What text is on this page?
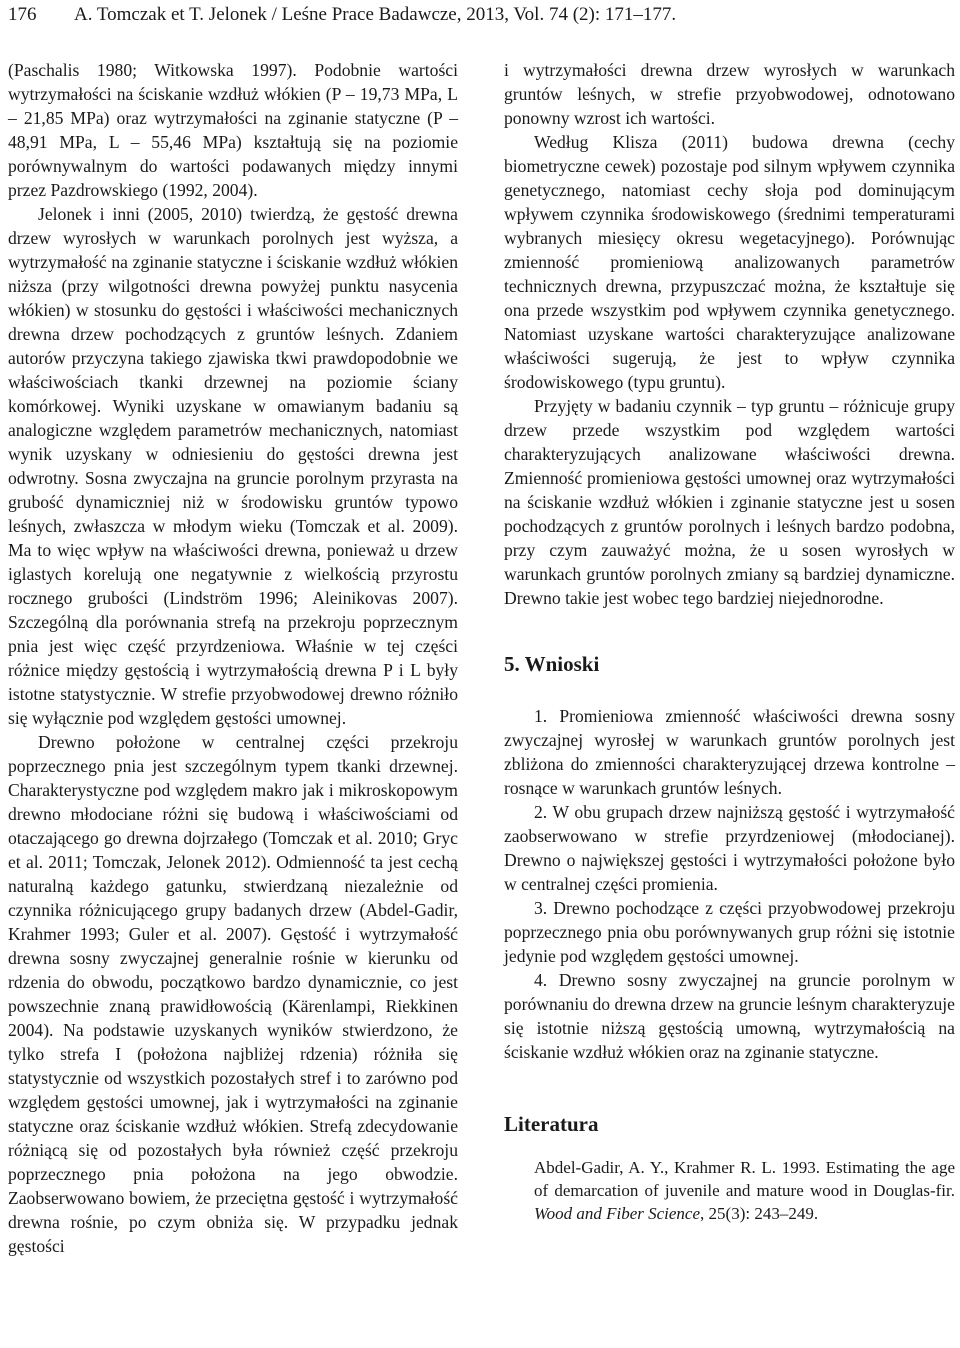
176 A. Tomczak et T. Jelonek / Leśne Prace Badawcze, 2013, Vol. 74 (2): 171–177.

(Paschalis 1980; Witkowska 1997). Podobnie wartości wytrzymałości na ściskanie wzdłuż włókien (P – 19,73 MPa, L – 21,85 MPa) oraz wytrzymałości na zginanie statyczne (P – 48,91 MPa, L – 55,46 MPa) kształtują się na poziomie porównywalnym do wartości podawanych między innymi przez Pazdrowskiego (1992, 2004).

Jelonek i inni (2005, 2010) twierdzą, że gęstość drewna drzew wyrosłych w warunkach porolnych jest wyższa, a wytrzymałość na zginanie statyczne i ściskanie wzdłuż włókien niższa (przy wilgotności drewna powyżej punktu nasycenia włókien) w stosunku do gęstości i właściwości mechanicznych drewna drzew pochodzących z gruntów leśnych. Zdaniem autorów przyczyna takiego zjawiska tkwi prawdopodobnie we właściwościach tkanki drzewnej na poziomie ściany komórkowej. Wyniki uzyskane w omawianym badaniu są analogiczne względem parametrów mechanicznych, natomiast wynik uzyskany w odniesieniu do gęstości drewna jest odwrotny. Sosna zwyczajna na gruncie porolnym przyrasta na grubość dynamiczniej niż w środowisku gruntów typowo leśnych, zwłaszcza w młodym wieku (Tomczak et al. 2009). Ma to więc wpływ na właściwości drewna, ponieważ u drzew iglastych korelują one negatywnie z wielkością przyrostu rocznego grubości (Lindström 1996; Aleinikovas 2007). Szczególną dla porównania strefą na przekroju poprzecznym pnia jest więc część przyrdzeniowa. Właśnie w tej części różnice między gęstością i wytrzymałością drewna P i L były istotne statystycznie. W strefie przyobwodowej drewno różniło się wyłącznie pod względem gęstości umownej.

Drewno położone w centralnej części przekroju poprzecznego pnia jest szczególnym typem tkanki drzewnej. Charakterystyczne pod względem makro jak i mikroskopowym drewno młodociane różni się budową i właściwościami od otaczającego go drewna dojrzałego (Tomczak et al. 2010; Gryc et al. 2011; Tomczak, Jelonek 2012). Odmienność ta jest cechą naturalną każdego gatunku, stwierdzaną niezależnie od czynnika różnicującego grupy badanych drzew (Abdel-Gadir, Krahmer 1993; Guler et al. 2007). Gęstość i wytrzymałość drewna sosny zwyczajnej generalnie rośnie w kierunku od rdzenia do obwodu, początkowo bardzo dynamicznie, co jest powszechnie znaną prawidłowością (Kärenlampi, Riekkinen 2004). Na podstawie uzyskanych wyników stwierdzono, że tylko strefa I (położona najbliżej rdzenia) różniła się statystycznie od wszystkich pozostałych stref i to zarówno pod względem gęstości umownej, jak i wytrzymałości na zginanie statyczne oraz ściskanie wzdłuż włókien. Strefą zdecydowanie różniącą się od pozostałych była również część przekroju poprzecznego pnia położona na jego obwodzie. Zaobserwowano bowiem, że przeciętna gęstość i wytrzymałość drewna rośnie, po czym obniża się. W przypadku jednak gęstości

i wytrzymałości drewna drzew wyrosłych w warunkach gruntów leśnych, w strefie przyobwodowej, odnotowano ponowny wzrost ich wartości.

Według Klisza (2011) budowa drewna (cechy biometryczne cewek) pozostaje pod silnym wpływem czynnika genetycznego, natomiast cechy słoja pod dominującym wpływem czynnika środowiskowego (średnimi temperaturami wybranych miesięcy okresu wegetacyjnego). Porównując zmienność promieniową analizowanych parametrów technicznych drewna, przypuszczać można, że kształtuje się ona przede wszystkim pod wpływem czynnika genetycznego. Natomiast uzyskane wartości charakteryzujące analizowane właściwości sugerują, że jest to wpływ czynnika środowiskowego (typu gruntu).

Przyjęty w badaniu czynnik – typ gruntu – różnicuje grupy drzew przede wszystkim pod względem wartości charakteryzujących analizowane właściwości drewna. Zmienność promieniowa gęstości umownej oraz wytrzymałości na ściskanie wzdłuż włókien i zginanie statyczne jest u sosen pochodzących z gruntów porolnych i leśnych bardzo podobna, przy czym zauważyć można, że u sosen wyrosłych w warunkach gruntów porolnych zmiany są bardziej dynamiczne. Drewno takie jest wobec tego bardziej niejednorodne.

5. Wnioski

1. Promieniowa zmienność właściwości drewna sosny zwyczajnej wyrosłej w warunkach gruntów porolnych jest zbliżona do zmienności charakteryzującej drzewa kontrolne – rosnące w warunkach gruntów leśnych.

2. W obu grupach drzew najniższą gęstość i wytrzymałość zaobserwowano w strefie przyrdzeniowej (młodocianej). Drewno o największej gęstości i wytrzymałości położone było w centralnej części promienia.

3. Drewno pochodzące z części przyobwodowej przekroju poprzecznego pnia obu porównywanych grup różni się istotnie jedynie pod względem gęstości umownej.

4. Drewno sosny zwyczajnej na gruncie porolnym w porównaniu do drewna drzew na gruncie leśnym charakteryzuje się istotnie niższą gęstością umowną, wytrzymałością na ściskanie wzdłuż włókien oraz na zginanie statyczne.

Literatura

Abdel-Gadir, A. Y., Krahmer R. L. 1993. Estimating the age of demarcation of juvenile and mature wood in Douglas-fir. Wood and Fiber Science, 25(3): 243–249.
